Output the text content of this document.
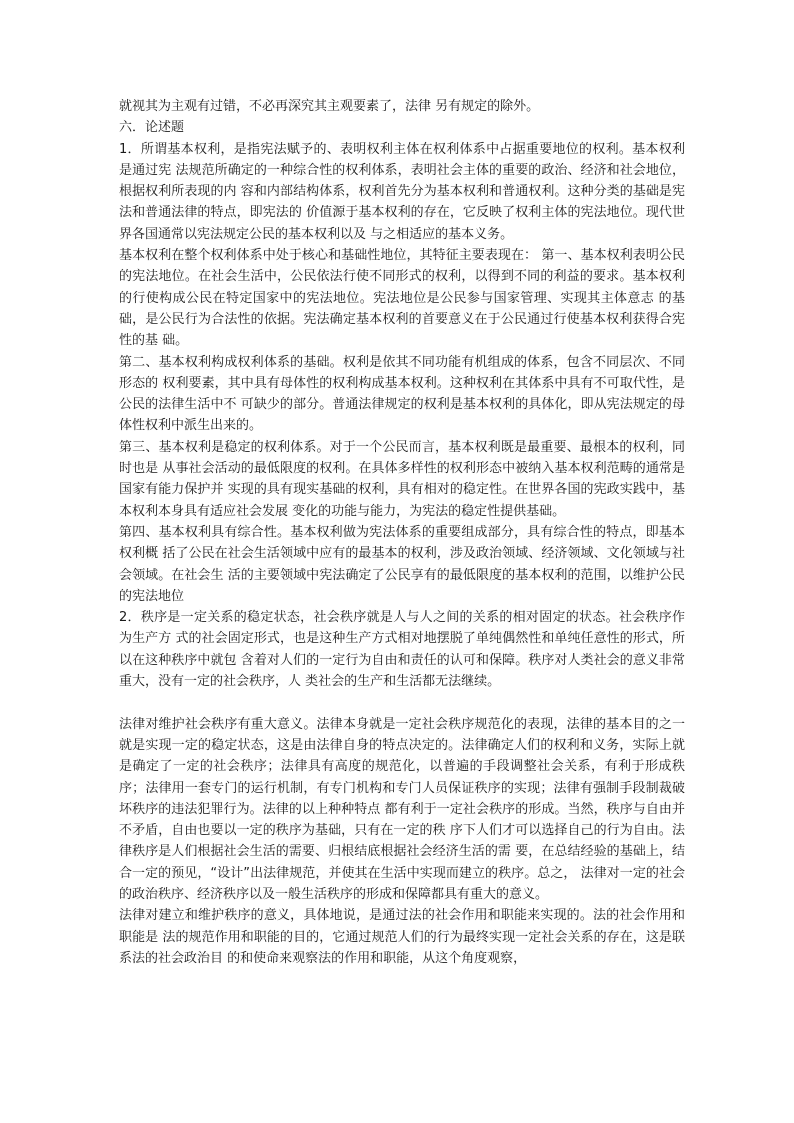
就视其为主观有过错，不必再深究其主观要素了，法律 另有规定的除外。

六．论述题

1．所谓基本权利，是指宪法赋予的、表明权利主体在权利体系中占据重要地位的权利。基本权利是通过宪 法规范所确定的一种综合性的权利体系，表明社会主体的重要的政治、经济和社会地位，根据权利所表现的内 容和内部结构体系，权利首先分为基本权利和普通权利。这种分类的基础是宪法和普通法律的特点，即宪法的 价值源于基本权利的存在，它反映了权利主体的宪法地位。现代世界各国通常以宪法规定公民的基本权利以及 与之相适应的基本义务。

基本权利在整个权利体系中处于核心和基础性地位，其特征主要表现在： 第一、基本权利表明公民的宪法地位。在社会生活中，公民依法行使不同形式的权利，以得到不同的利益的要求。基本权利的行使构成公民在特定国家中的宪法地位。宪法地位是公民参与国家管理、实现其主体意志 的基础，是公民行为合法性的依据。宪法确定基本权利的首要意义在于公民通过行使基本权利获得合宪性的基 础。

第二、基本权利构成权利体系的基础。权利是依其不同功能有机组成的体系，包含不同层次、不同形态的 权利要素，其中具有母体性的权利构成基本权利。这种权利在其体系中具有不可取代性，是公民的法律生活中不 可缺少的部分。普通法律规定的权利是基本权利的具体化，即从宪法规定的母体性权利中派生出来的。

第三、基本权利是稳定的权利体系。对于一个公民而言，基本权利既是最重要、最根本的权利，同时也是 从事社会活动的最低限度的权利。在具体多样性的权利形态中被纳入基本权利范畴的通常是国家有能力保护并 实现的具有现实基础的权利，具有相对的稳定性。在世界各国的宪政实践中，基本权利本身具有适应社会发展 变化的功能与能力，为宪法的稳定性提供基础。

第四、基本权利具有综合性。基本权利做为宪法体系的重要组成部分，具有综合性的特点，即基本权利概 括了公民在社会生活领域中应有的最基本的权利，涉及政治领域、经济领域、文化领域与社会领域。在社会生 活的主要领域中宪法确定了公民享有的最低限度的基本权利的范围，以维护公民的宪法地位

2．秩序是一定关系的稳定状态，社会秩序就是人与人之间的关系的相对固定的状态。社会秩序作为生产方 式的社会固定形式，也是这种生产方式相对地摆脱了单纯偶然性和单纯任意性的形式，所以在这种秩序中就包 含着对人们的一定行为自由和责任的认可和保障。秩序对人类社会的意义非常重大，没有一定的社会秩序，人 类社会的生产和生活都无法继续。

法律对维护社会秩序有重大意义。法律本身就是一定社会秩序规范化的表现，法律的基本目的之一就是实现一定的稳定状态，这是由法律自身的特点决定的。法律确定人们的权利和义务，实际上就是确定了一定的社会秩序；法律具有高度的规范化，以普遍的手段调整社会关系，有利于形成秩序；法律用一套专门的运行机制，有专门机构和专门人员保证秩序的实现；法律有强制手段制裁破坏秩序的违法犯罪行为。法律的以上种种特点 都有利于一定社会秩序的形成。当然，秩序与自由并不矛盾，自由也要以一定的秩序为基础，只有在一定的秩 序下人们才可以选择自己的行为自由。法律秩序是人们根据社会生活的需要、归根结底根据社会经济生活的需 要，在总结经验的基础上，结合一定的预见，“设计”出法律规范，并使其在生活中实现而建立的秩序。总之， 法律对一定的社会的政治秩序、经济秩序以及一般生活秩序的形成和保障都具有重大的意义。

法律对建立和维护秩序的意义，具体地说，是通过法的社会作用和职能来实现的。法的社会作用和职能是 法的规范作用和职能的目的，它通过规范人们的行为最终实现一定社会关系的存在，这是联系法的社会政治目 的和使命来观察法的作用和职能，从这个角度观察，
